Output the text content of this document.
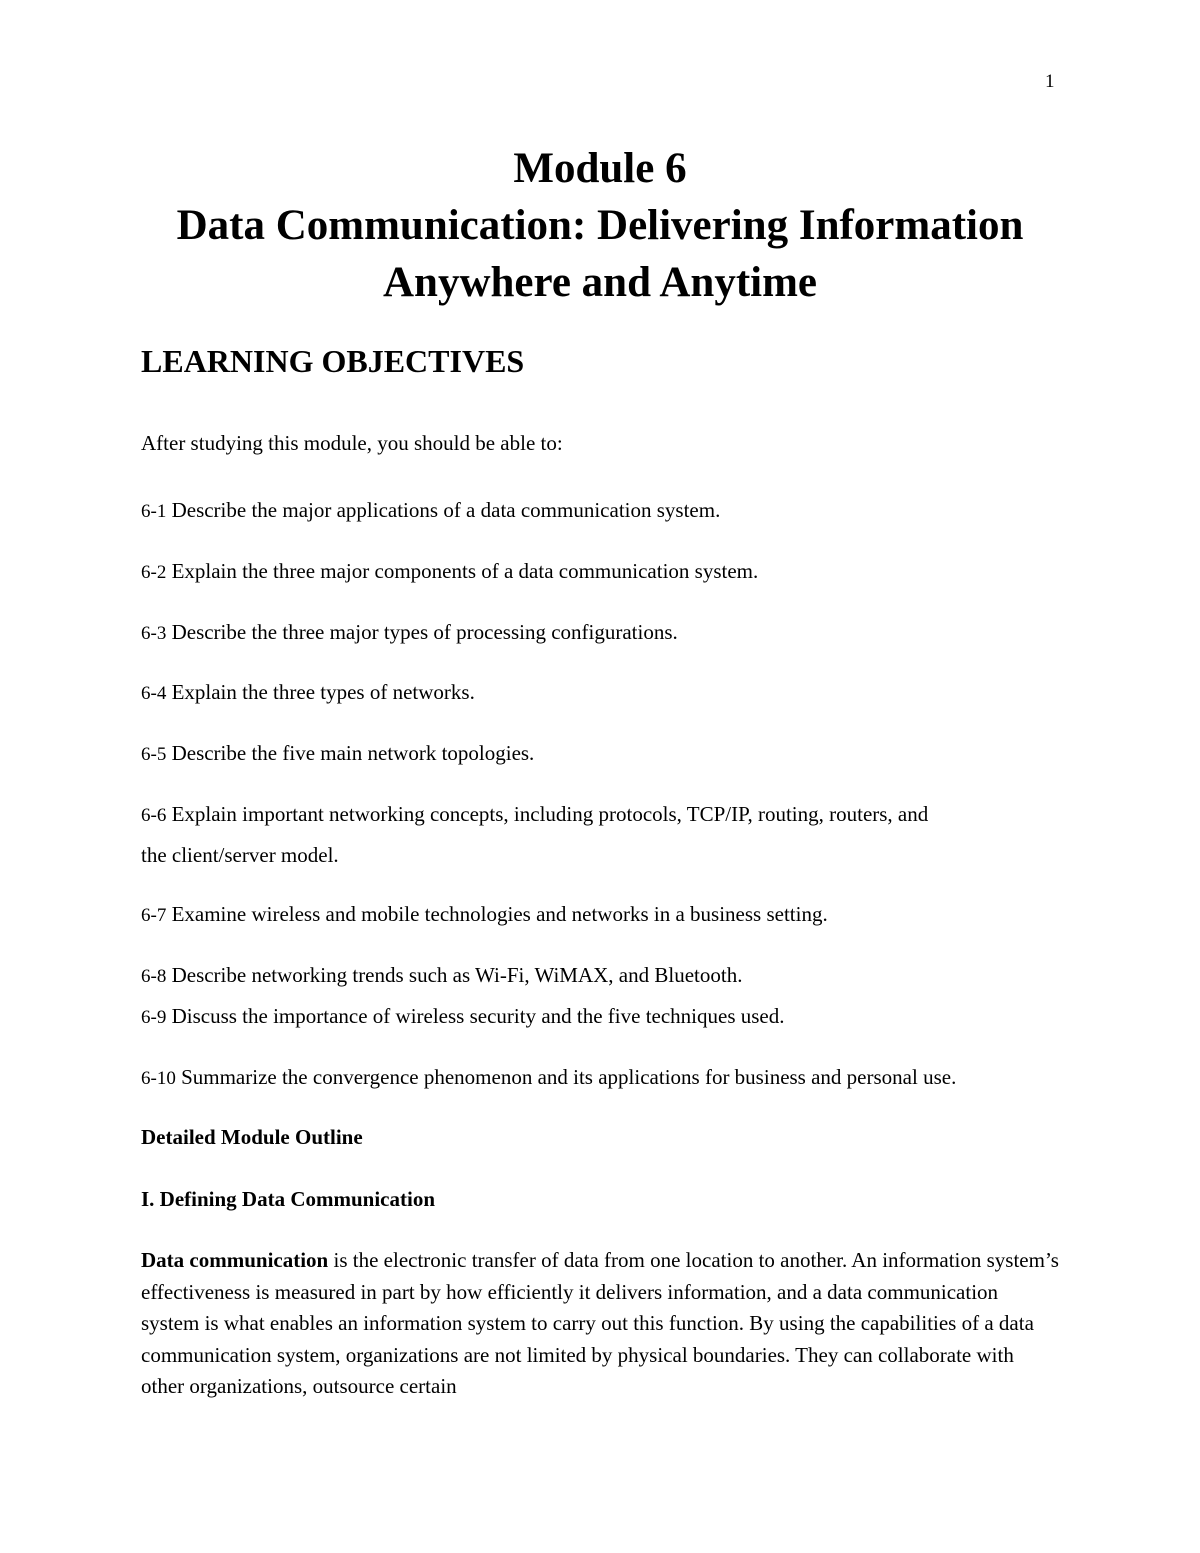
1
Module 6
Data Communication: Delivering Information
Anywhere and Anytime
LEARNING OBJECTIVES
After studying this module, you should be able to:
6-1 Describe the major applications of a data communication system.
6-2 Explain the three major components of a data communication system.
6-3 Describe the three major types of processing configurations.
6-4 Explain the three types of networks.
6-5 Describe the five main network topologies.
6-6 Explain important networking concepts, including protocols, TCP/IP, routing, routers, and
the client/server model.
6-7 Examine wireless and mobile technologies and networks in a business setting.
6-8 Describe networking trends such as Wi-Fi, WiMAX, and Bluetooth.
6-9 Discuss the importance of wireless security and the five techniques used.
6-10 Summarize the convergence phenomenon and its applications for business and personal use.
Detailed Module Outline
I. Defining Data Communication
Data communication is the electronic transfer of data from one location to another. An information system’s effectiveness is measured in part by how efficiently it delivers information, and a data communication system is what enables an information system to carry out this function. By using the capabilities of a data communication system, organizations are not limited by physical boundaries. They can collaborate with other organizations, outsource certain
